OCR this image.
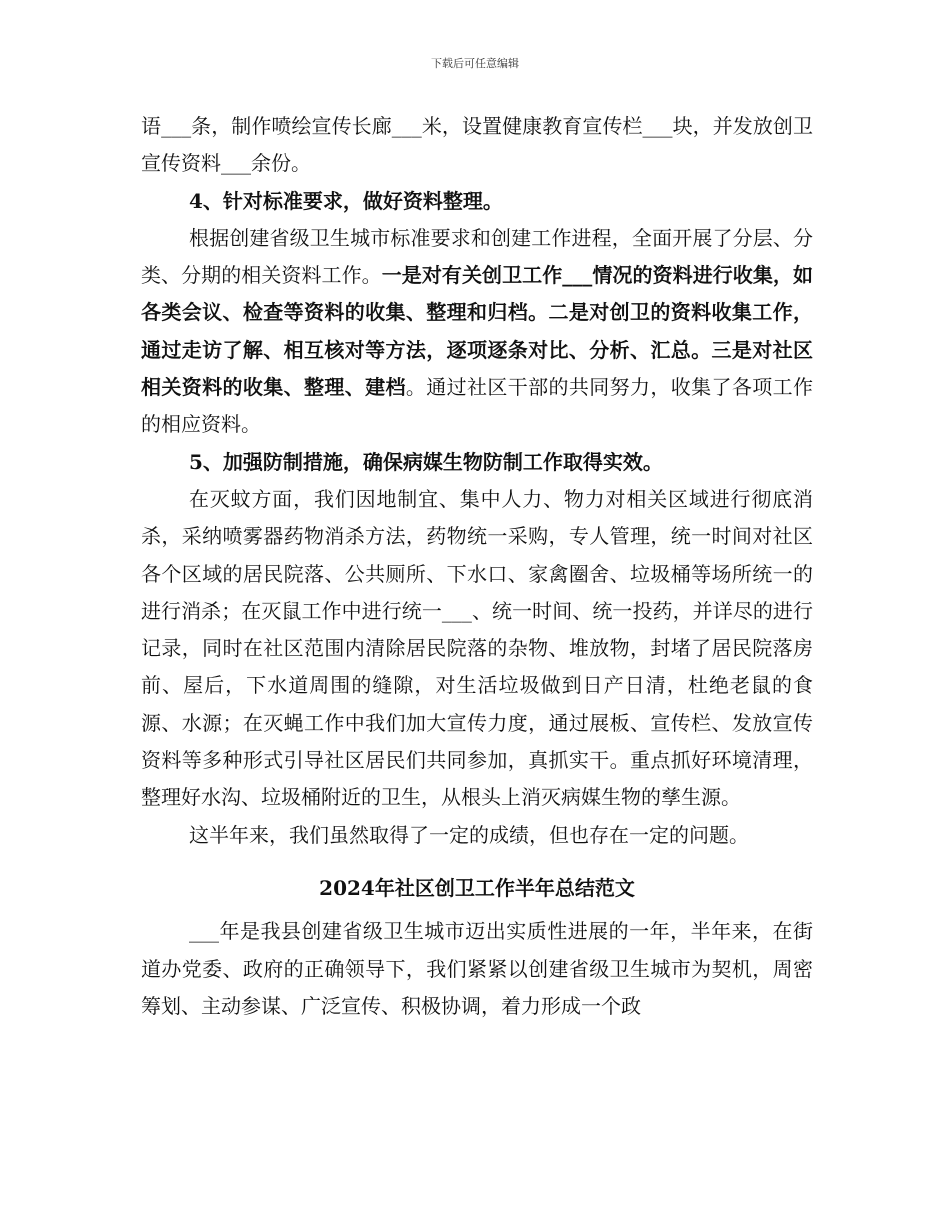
下载后可任意编辑

语___条，制作喷绘宣传长廊___米，设置健康教育宣传栏___块，并发放创卫宣传资料___余份。

4、针对标准要求，做好资料整理。

根据创建省级卫生城市标准要求和创建工作进程，全面开展了分层、分类、分期的相关资料工作。一是对有关创卫工作___情况的资料进行收集，如各类会议、检查等资料的收集、整理和归档。二是对创卫的资料收集工作，通过走访了解、相互核对等方法，逐项逐条对比、分析、汇总。三是对社区相关资料的收集、整理、建档。通过社区干部的共同努力，收集了各项工作的相应资料。

5、加强防制措施，确保病媒生物防制工作取得实效。

在灭蚊方面，我们因地制宜、集中人力、物力对相关区域进行彻底消杀，采纳喷雾器药物消杀方法，药物统一采购，专人管理，统一时间对社区各个区域的居民院落、公共厕所、下水口、家禽圈舍、垃圾桶等场所统一的进行消杀；在灭鼠工作中进行统一___、统一时间、统一投药，并详尽的进行记录，同时在社区范围内清除居民院落的杂物、堆放物，封堵了居民院落房前、屋后，下水道周围的缝隙，对生活垃圾做到日产日清，杜绝老鼠的食源、水源；在灭蝇工作中我们加大宣传力度，通过展板、宣传栏、发放宣传资料等多种形式引导社区居民们共同参加，真抓实干。重点抓好环境清理，整理好水沟、垃圾桶附近的卫生，从根头上消灭病媒生物的孳生源。

这半年来，我们虽然取得了一定的成绩，但也存在一定的问题。

2024年社区创卫工作半年总结范文

___年是我县创建省级卫生城市迈出实质性进展的一年，半年来，在街道办党委、政府的正确领导下，我们紧紧以创建省级卫生城市为契机，周密筹划、主动参谋、广泛宣传、积极协调，着力形成一个政
